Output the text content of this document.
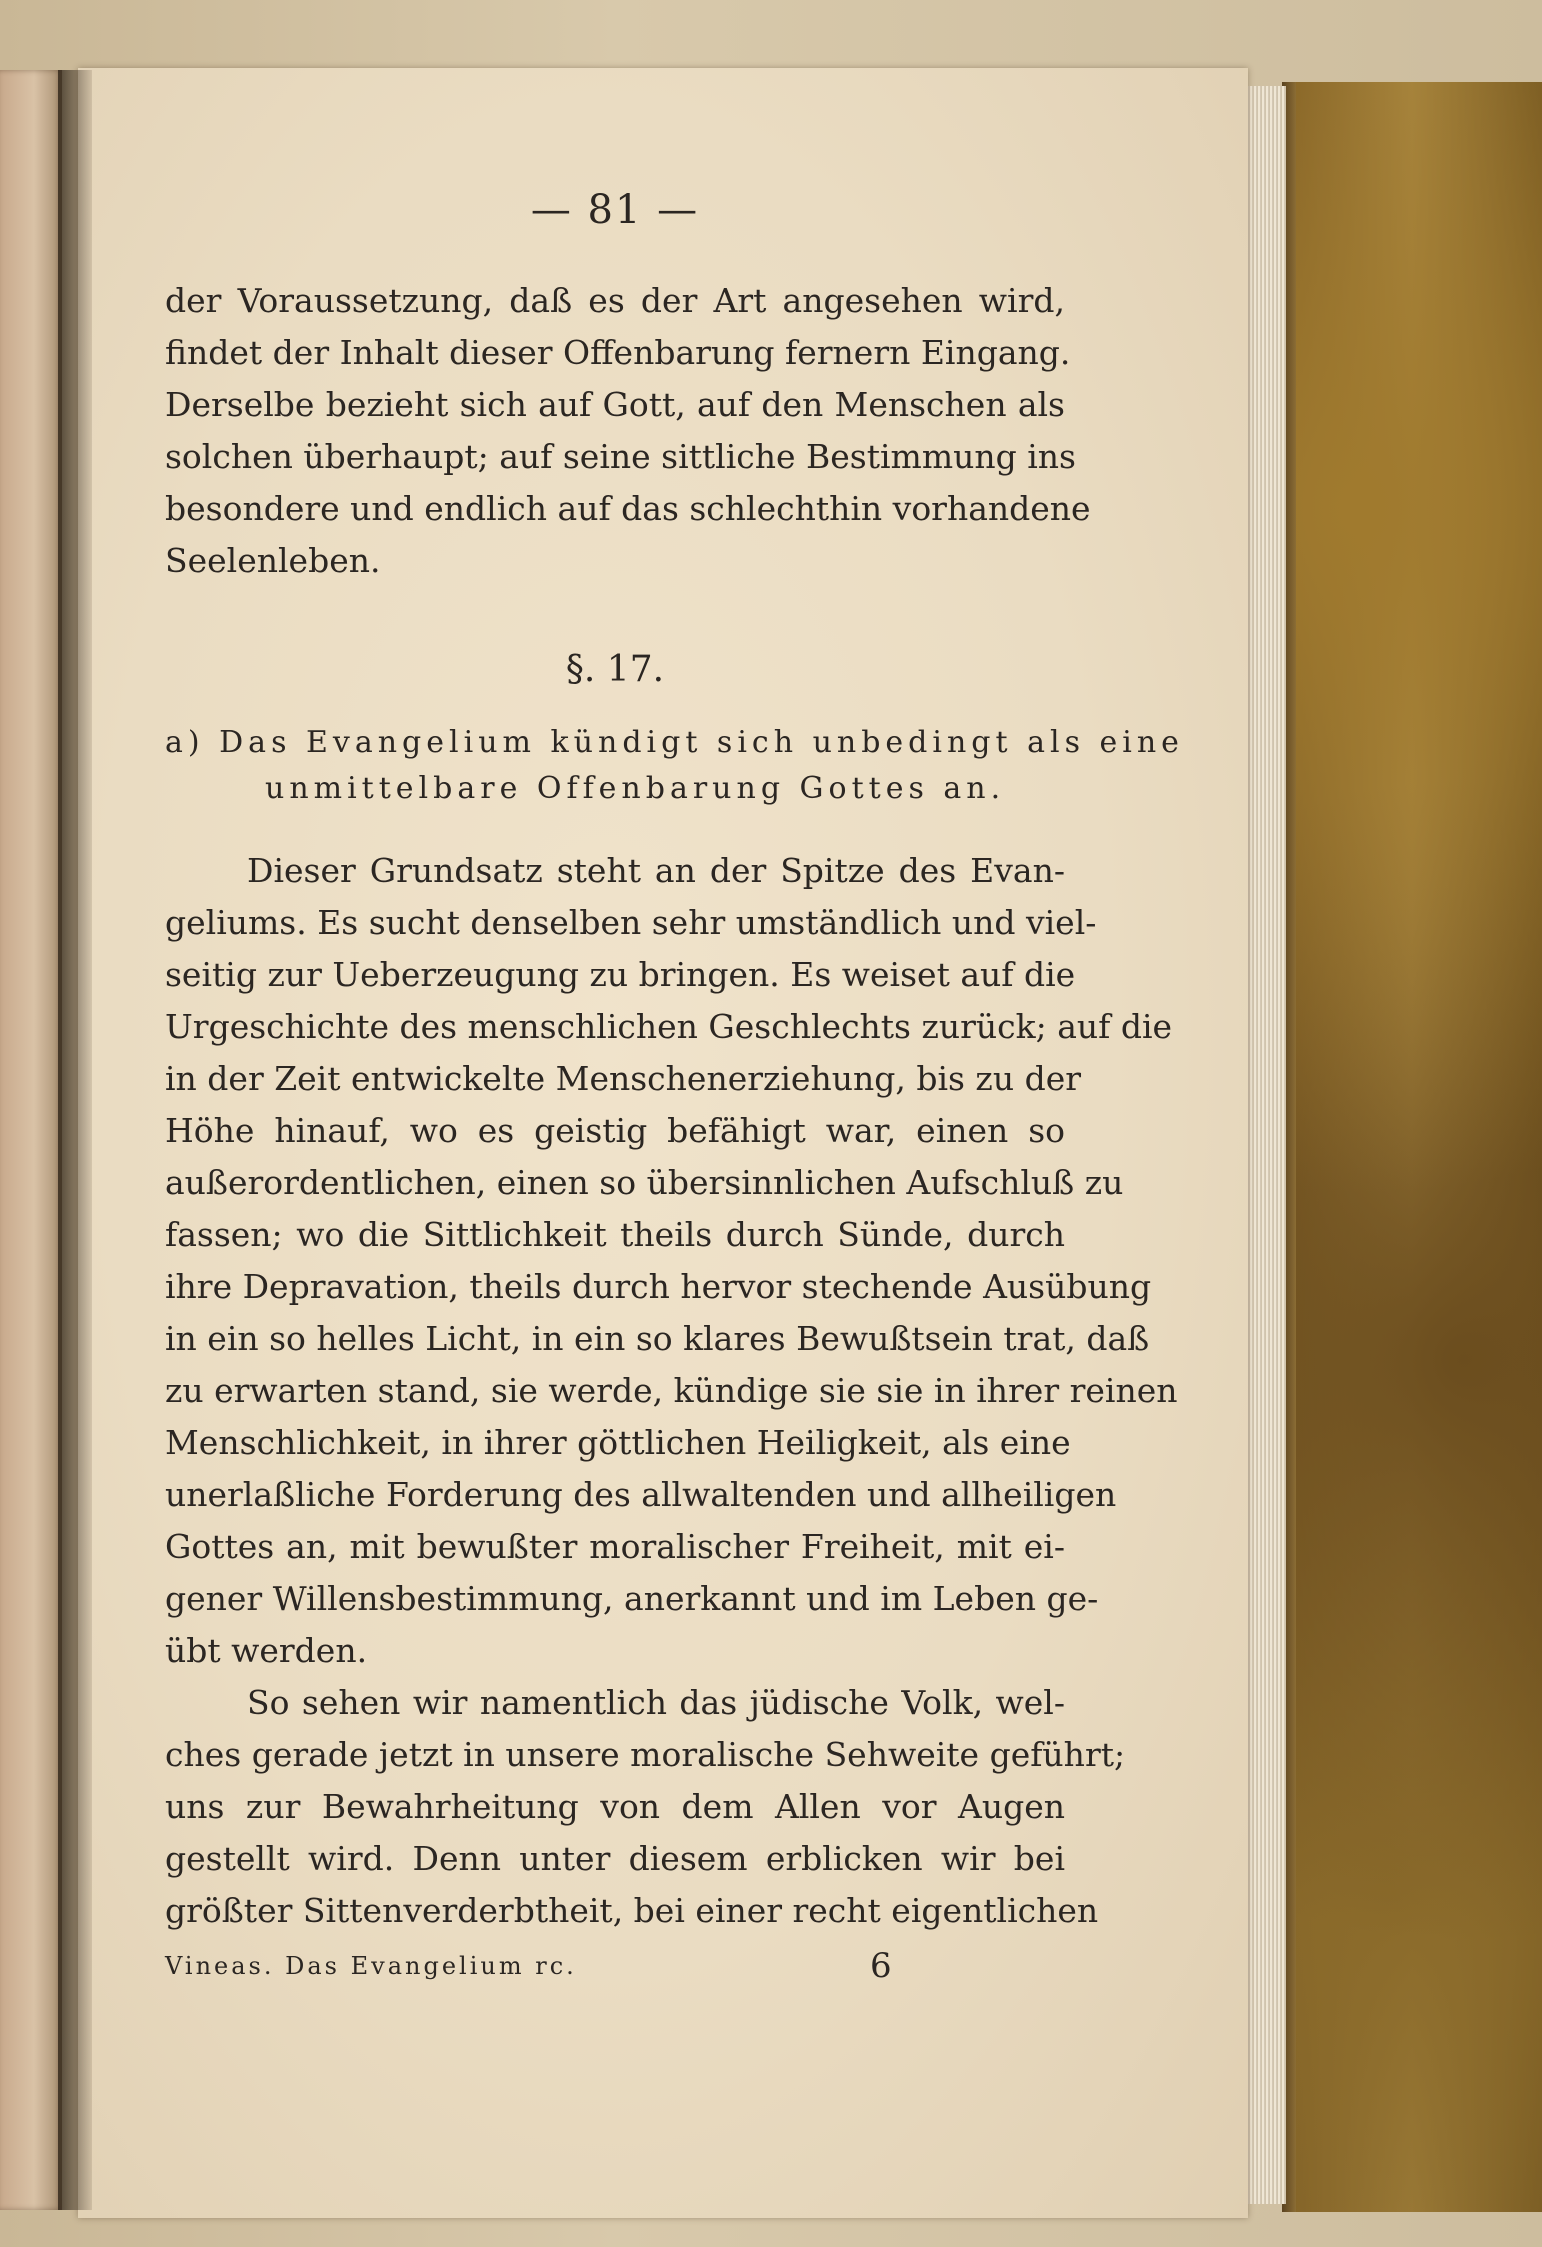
— 81 —
der Voraussetzung, daß es der Art angesehen wird,
findet der Inhalt dieser Offenbarung fernern Eingang.
Derselbe bezieht sich auf Gott, auf den Menschen als
solchen überhaupt; auf seine sittliche Bestimmung ins
besondere und endlich auf das schlechthin vorhandene
Seelenleben.
§. 17.
a) Das Evangelium kündigt sich unbedingt als eine
unmittelbare Offenbarung Gottes an.
Dieser Grundsatz steht an der Spitze des Evan-
geliums. Es sucht denselben sehr umständlich und viel-
seitig zur Ueberzeugung zu bringen. Es weiset auf die
Urgeschichte des menschlichen Geschlechts zurück; auf die
in der Zeit entwickelte Menschenerziehung, bis zu der
Höhe hinauf, wo es geistig befähigt war, einen so
außerordentlichen, einen so übersinnlichen Aufschluß zu
fassen; wo die Sittlichkeit theils durch Sünde, durch
ihre Depravation, theils durch hervor stechende Ausübung
in ein so helles Licht, in ein so klares Bewußtsein trat, daß
zu erwarten stand, sie werde, kündige sie sie in ihrer reinen
Menschlichkeit, in ihrer göttlichen Heiligkeit, als eine
unerlaßliche Forderung des allwaltenden und allheiligen
Gottes an, mit bewußter moralischer Freiheit, mit ei-
gener Willensbestimmung, anerkannt und im Leben ge-
übt werden.
So sehen wir namentlich das jüdische Volk, wel-
ches gerade jetzt in unsere moralische Sehweite geführt;
uns zur Bewahrheitung von dem Allen vor Augen
gestellt wird. Denn unter diesem erblicken wir bei
größter Sittenverderbtheit, bei einer recht eigentlichen
Vineas. Das Evangelium rc.	6
